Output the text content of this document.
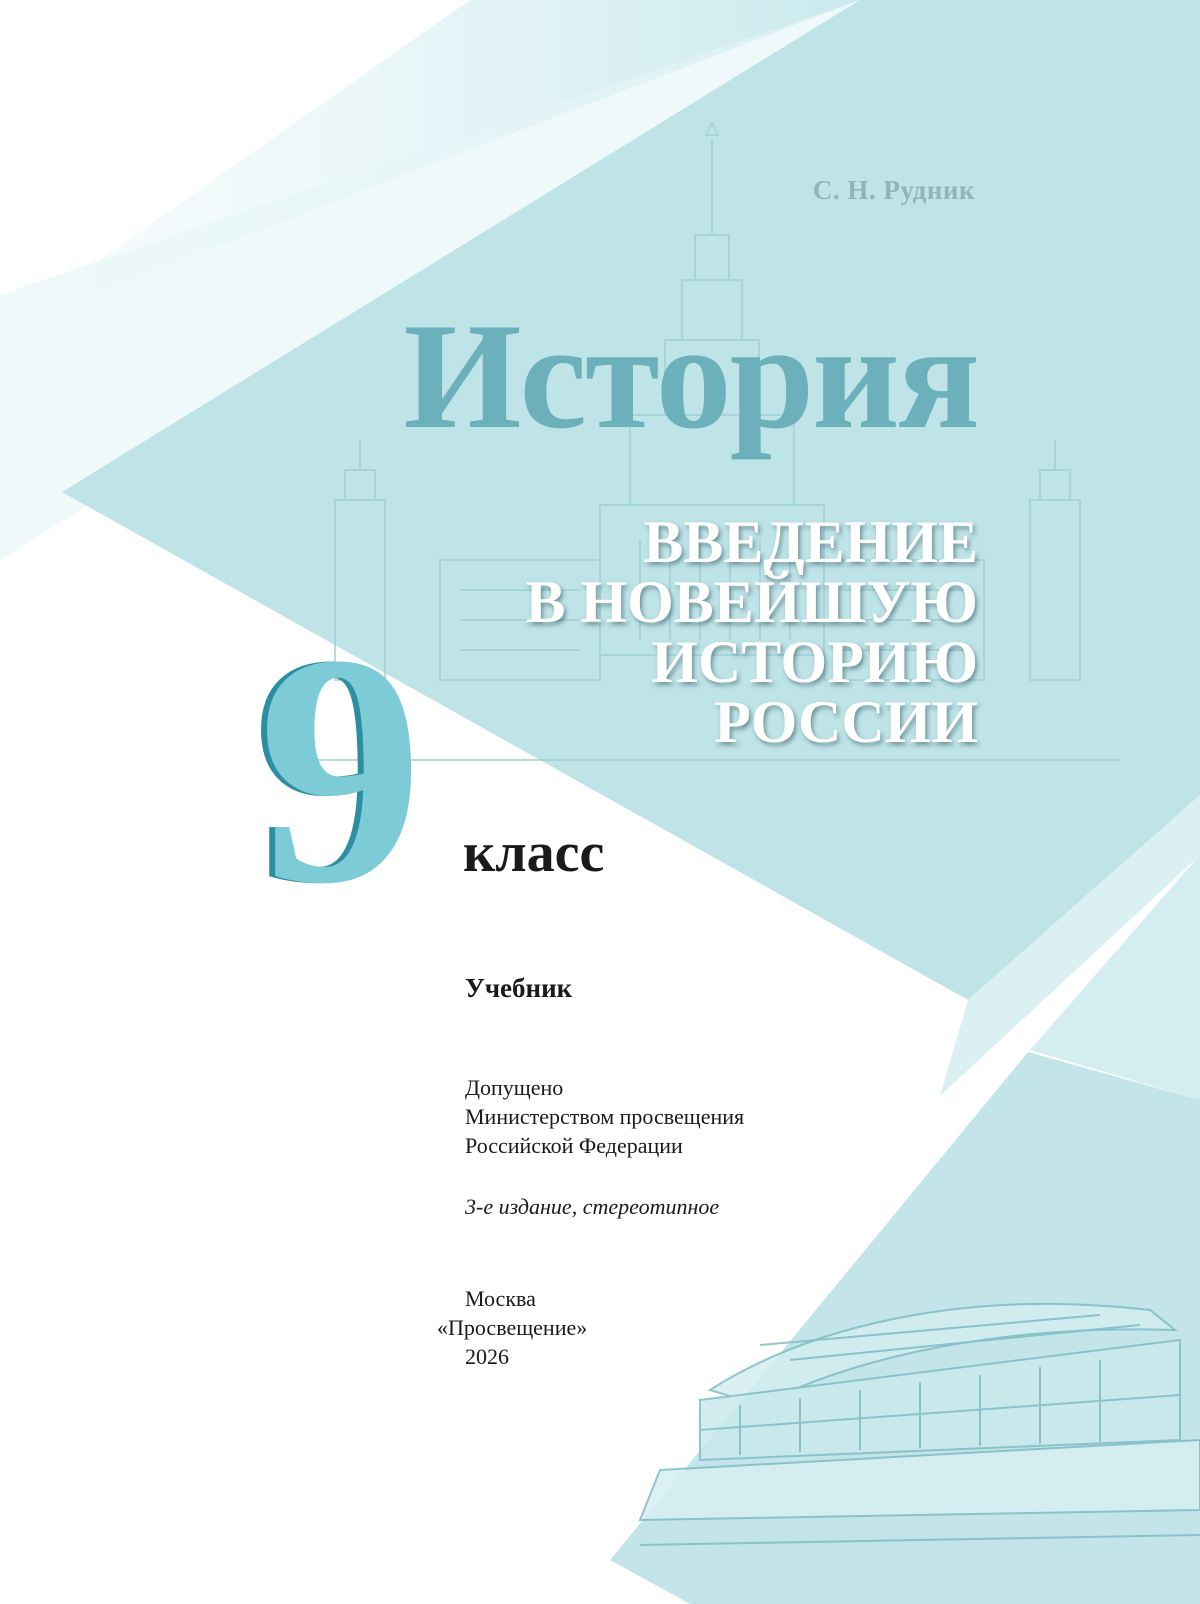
С. Н. Рудник
История
ВВЕДЕНИЕ
В НОВЕЙШУЮ
ИСТОРИЮ
РОССИИ
9 класс
Учебник
Допущено
Министерством просвещения
Российской Федерации
3-е издание, стереотипное
Москва
«Просвещение»
2026
